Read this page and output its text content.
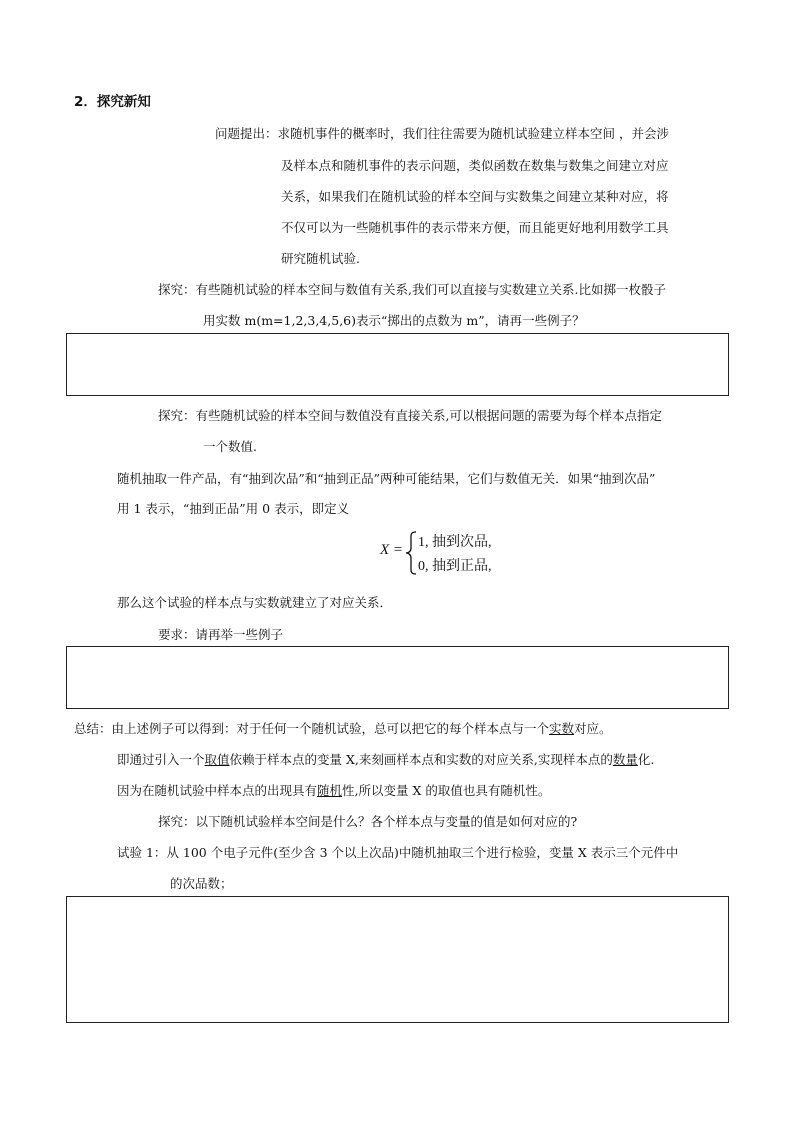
2．探究新知
问题提出：求随机事件的概率时，我们往往需要为随机试验建立样本空间 ，并会涉
及样本点和随机事件的表示问题，类似函数在数集与数集之间建立对应
关系，如果我们在随机试验的样本空间与实数集之间建立某种对应，将
不仅可以为一些随机事件的表示带来方便，而且能更好地利用数学工具
研究随机试验.
探究：有些随机试验的样本空间与数值有关系,我们可以直接与实数建立关系.比如掷一枚骰子
用实数 m(m=1,2,3,4,5,6)表示“掷出的点数为 m”，请再一些例子？
探究：有些随机试验的样本空间与数值没有直接关系,可以根据问题的需要为每个样本点指定
一个数值.
随机抽取一件产品，有“抽到次品”和“抽到正品”两种可能结果，它们与数值无关．如果“抽到次品”
用 1 表示，“抽到正品”用 0 表示，即定义
X = 1, 抽到次品,
0, 抽到正品,
那么这个试验的样本点与实数就建立了对应关系．
要求：请再举一些例子
总结：由上述例子可以得到：对于任何一个随机试验，总可以把它的每个样本点与一个实数对应。
即通过引入一个取值依赖于样本点的变量 X,来刻画样本点和实数的对应关系,实现样本点的数量化.
因为在随机试验中样本点的出现具有随机性,所以变量 X 的取值也具有随机性。
探究：以下随机试验样本空间是什么？各个样本点与变量的值是如何对应的?
试验 1：从 100 个电子元件(至少含 3 个以上次品)中随机抽取三个进行检验，变量 X 表示三个元件中
的次品数；
